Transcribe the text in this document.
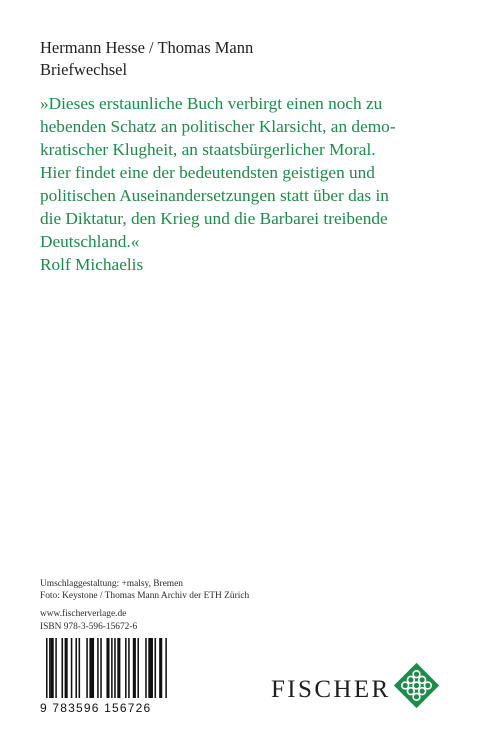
Hermann Hesse / Thomas Mann
Briefwechsel
»Dieses erstaunliche Buch verbirgt einen noch zu
hebenden Schatz an politischer Klarsicht, an demo-
kratischer Klugheit, an staatsbürgerlicher Moral.
Hier findet eine der bedeutendsten geistigen und
politischen Auseinandersetzungen statt über das in
die Diktatur, den Krieg und die Barbarei treibende
Deutschland.«
Rolf Michaelis
Umschlaggestaltung: +malsy, Bremen
Foto: Keystone / Thomas Mann Archiv der ETH Zürich
www.fischerverlage.de
ISBN 978-3-596-15672-6
9 783596 156726
FISCHER
